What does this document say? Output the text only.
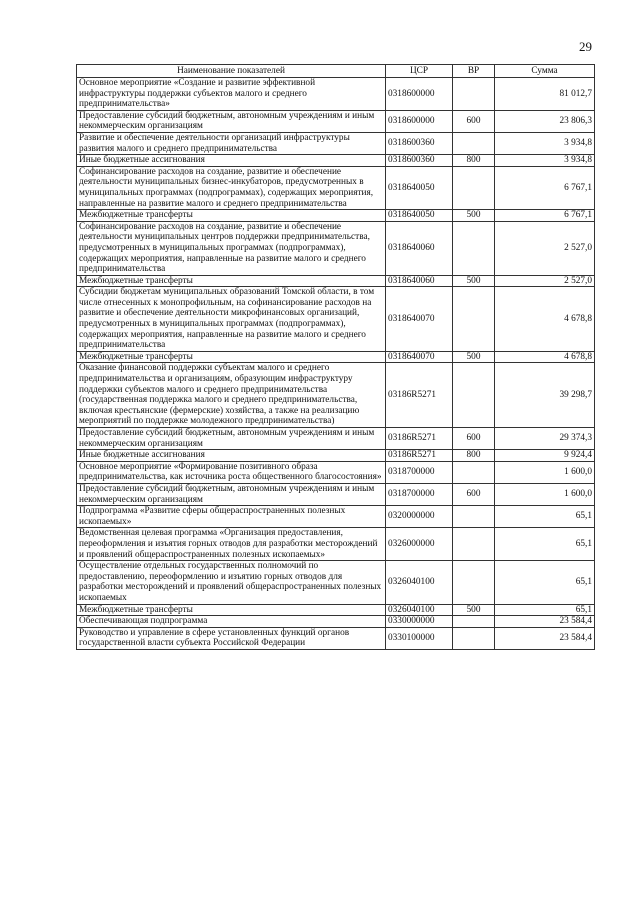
29
Наименование показателей	ЦСР	ВР	Сумма
Основное мероприятие «Создание и развитие эффективной инфраструктуры поддержки субъектов малого и среднего предпринимательства»	0318600000		81 012,7
Предоставление субсидий бюджетным, автономным учреждениям и иным некоммерческим организациям	0318600000	600	23 806,3
Развитие и обеспечение деятельности организаций инфраструктуры развития малого и среднего предпринимательства	0318600360		3 934,8
Иные бюджетные ассигнования	0318600360	800	3 934,8
Софинансирование расходов на создание, развитие и обеспечение деятельности муниципальных бизнес-инкубаторов, предусмотренных в муниципальных программах (подпрограммах), содержащих мероприятия, направленные на развитие малого и среднего предпринимательства	0318640050		6 767,1
Межбюджетные трансферты	0318640050	500	6 767,1
Софинансирование расходов на создание, развитие и обеспечение деятельности муниципальных центров поддержки предпринимательства, предусмотренных в муниципальных программах (подпрограммах), содержащих мероприятия, направленные на развитие малого и среднего предпринимательства	0318640060		2 527,0
Межбюджетные трансферты	0318640060	500	2 527,0
Субсидии бюджетам муниципальных образований Томской области, в том числе отнесенных к монопрофильным, на софинансирование расходов на развитие и обеспечение деятельности микрофинансовых организаций, предусмотренных в муниципальных программах (подпрограммах), содержащих мероприятия, направленные на развитие малого и среднего предпринимательства	0318640070		4 678,8
Межбюджетные трансферты	0318640070	500	4 678,8
Оказание финансовой поддержки субъектам малого и среднего предпринимательства и организациям, образующим инфраструктуру поддержки субъектов малого и среднего предпринимательства (государственная поддержка малого и среднего предпринимательства, включая крестьянские (фермерские) хозяйства, а также на реализацию мероприятий по поддержке молодежного предпринимательства)	03186R5271		39 298,7
Предоставление субсидий бюджетным, автономным учреждениям и иным некоммерческим организациям	03186R5271	600	29 374,3
Иные бюджетные ассигнования	03186R5271	800	9 924,4
Основное мероприятие «Формирование позитивного образа предпринимательства, как источника роста общественного благосостояния»	0318700000		1 600,0
Предоставление субсидий бюджетным, автономным учреждениям и иным некоммерческим организациям	0318700000	600	1 600,0
Подпрограмма «Развитие сферы общераспространенных полезных ископаемых»	0320000000		65,1
Ведомственная целевая программа «Организация предоставления, переоформления и изъятия горных отводов для разработки месторождений и проявлений общераспространенных полезных ископаемых»	0326000000		65,1
Осуществление отдельных государственных полномочий по предоставлению, переоформлению и изъятию горных отводов для разработки месторождений и проявлений общераспространенных полезных ископаемых	0326040100		65,1
Межбюджетные трансферты	0326040100	500	65,1
Обеспечивающая подпрограмма	0330000000		23 584,4
Руководство и управление в сфере установленных функций органов государственной власти субъекта Российской Федерации	0330100000		23 584,4
